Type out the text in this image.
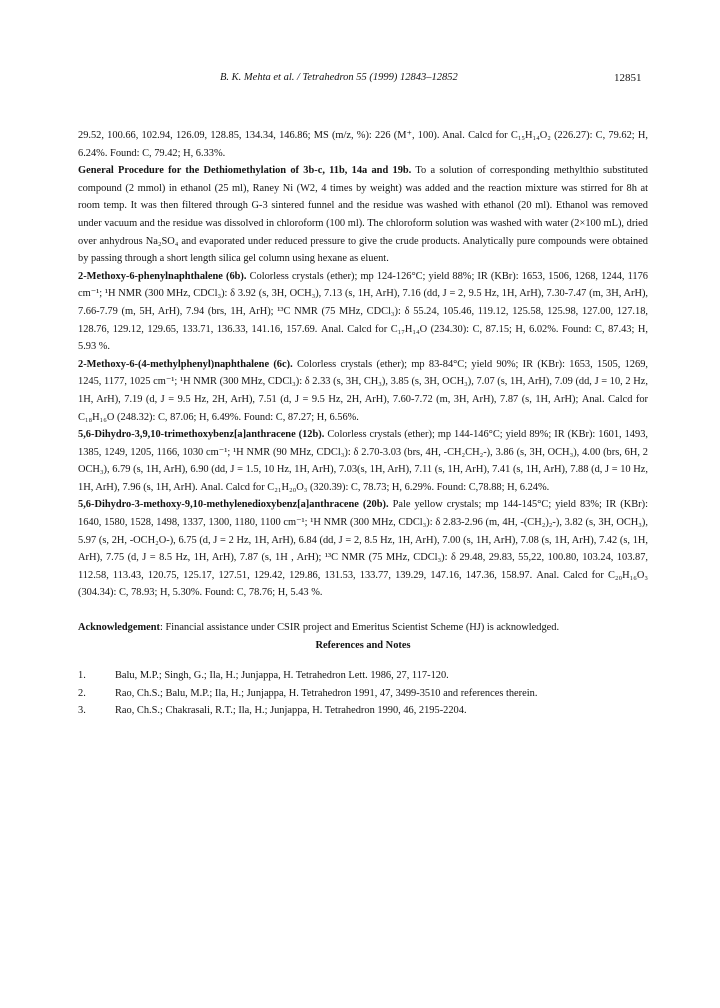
B. K. Mehta et al. / Tetrahedron 55 (1999) 12843–12852	12851

29.52, 100.66, 102.94, 126.09, 128.85, 134.34, 146.86; MS (m/z, %): 226 (M⁺, 100). Anal. Calcd for C₁₅H₁₄O₂ (226.27): C, 79.62; H, 6.24%. Found: C, 79.42; H, 6.33%.

General Procedure for the Dethiomethylation of 3b-c, 11b, 14a and 19b. To a solution of corresponding methylthio substituted compound (2 mmol) in ethanol (25 ml), Raney Ni (W2, 4 times by weight) was added and the reaction mixture was stirred for 8h at room temp. It was then filtered through G-3 sintered funnel and the residue was washed with ethanol (20 ml). Ethanol was removed under vacuum and the residue was dissolved in chloroform (100 ml). The chloroform solution was washed with water (2×100 mL), dried over anhydrous Na₂SO₄ and evaporated under reduced pressure to give the crude products. Analytically pure compounds were obtained by passing through a short length silica gel column using hexane as eluent.

2-Methoxy-6-phenylnaphthalene (6b). Colorless crystals (ether); mp 124-126°C; yield 88%; IR (KBr): 1653, 1506, 1268, 1244, 1176 cm⁻¹; ¹H NMR (300 MHz, CDCl₃): δ 3.92 (s, 3H, OCH₃), 7.13 (s, 1H, ArH), 7.16 (dd, J = 2, 9.5 Hz, 1H, ArH), 7.30-7.47 (m, 3H, ArH), 7.66-7.79 (m, 5H, ArH), 7.94 (brs, 1H, ArH); ¹³C NMR (75 MHz, CDCl₃): δ 55.24, 105.46, 119.12, 125.58, 125.98, 127.00, 127.18, 128.76, 129.12, 129.65, 133.71, 136.33, 141.16, 157.69. Anal. Calcd for C₁₇H₁₄O (234.30): C, 87.15; H, 6.02%. Found: C, 87.43; H, 5.93 %.

2-Methoxy-6-(4-methylphenyl)naphthalene (6c). Colorless crystals (ether); mp 83-84°C; yield 90%; IR (KBr): 1653, 1505, 1269, 1245, 1177, 1025 cm⁻¹; ¹H NMR (300 MHz, CDCl₃): δ 2.33 (s, 3H, CH₃), 3.85 (s, 3H, OCH₃), 7.07 (s, 1H, ArH), 7.09 (dd, J = 10, 2 Hz, 1H, ArH), 7.19 (d, J = 9.5 Hz, 2H, ArH), 7.51 (d, J = 9.5 Hz, 2H, ArH), 7.60-7.72 (m, 3H, ArH), 7.87 (s, 1H, ArH); Anal. Calcd for C₁₈H₁₆O (248.32): C, 87.06; H, 6.49%. Found: C, 87.27; H, 6.56%.

5,6-Dihydro-3,9,10-trimethoxybenz[a]anthracene (12b). Colorless crystals (ether); mp 144-146°C; yield 89%; IR (KBr): 1601, 1493, 1385, 1249, 1205, 1166, 1030 cm⁻¹; ¹H NMR (90 MHz, CDCl₃): δ 2.70-3.03 (brs, 4H, -CH₂CH₂-), 3.86 (s, 3H, OCH₃), 4.00 (brs, 6H, 2 OCH₃), 6.79 (s, 1H, ArH), 6.90 (dd, J = 1.5, 10 Hz, 1H, ArH), 7.03(s, 1H, ArH), 7.11 (s, 1H, ArH), 7.41 (s, 1H, ArH), 7.88 (d, J = 10 Hz, 1H, ArH), 7.96 (s, 1H, ArH). Anal. Calcd for C₂₁H₂₀O₃ (320.39): C, 78.73; H, 6.29%. Found: C,78.88; H, 6.24%.

5,6-Dihydro-3-methoxy-9,10-methylenedioxybenz[a]anthracene (20b). Pale yellow crystals; mp 144-145°C; yield 83%; IR (KBr): 1640, 1580, 1528, 1498, 1337, 1300, 1180, 1100 cm⁻¹; ¹H NMR (300 MHz, CDCl₃): δ 2.83-2.96 (m, 4H, -(CH₂)₂-), 3.82 (s, 3H, OCH₃), 5.97 (s, 2H, -OCH₂O-), 6.75 (d, J = 2 Hz, 1H, ArH), 6.84 (dd, J = 2, 8.5 Hz, 1H, ArH), 7.00 (s, 1H, ArH), 7.08 (s, 1H, ArH), 7.42 (s, 1H, ArH), 7.75 (d, J = 8.5 Hz, 1H, ArH), 7.87 (s, 1H , ArH); ¹³C NMR (75 MHz, CDCl₃): δ 29.48, 29.83, 55,22, 100.80, 103.24, 103.87, 112.58, 113.43, 120.75, 125.17, 127.51, 129.42, 129.86, 131.53, 133.77, 139.29, 147.16, 147.36, 158.97. Anal. Calcd for C₂₀H₁₆O₃ (304.34): C, 78.93; H, 5.30%. Found: C, 78.76; H, 5.43 %.

Acknowledgement: Financial assistance under CSIR project and Emeritus Scientist Scheme (HJ) is acknowledged.

References and Notes

1.	Balu, M.P.; Singh, G.; Ila, H.; Junjappa, H. Tetrahedron Lett. 1986, 27, 117-120.
2.	Rao, Ch.S.; Balu, M.P.; Ila, H.; Junjappa, H. Tetrahedron 1991, 47, 3499-3510 and references therein.
3.	Rao, Ch.S.; Chakrasali, R.T.; Ila, H.; Junjappa, H. Tetrahedron 1990, 46, 2195-2204.
